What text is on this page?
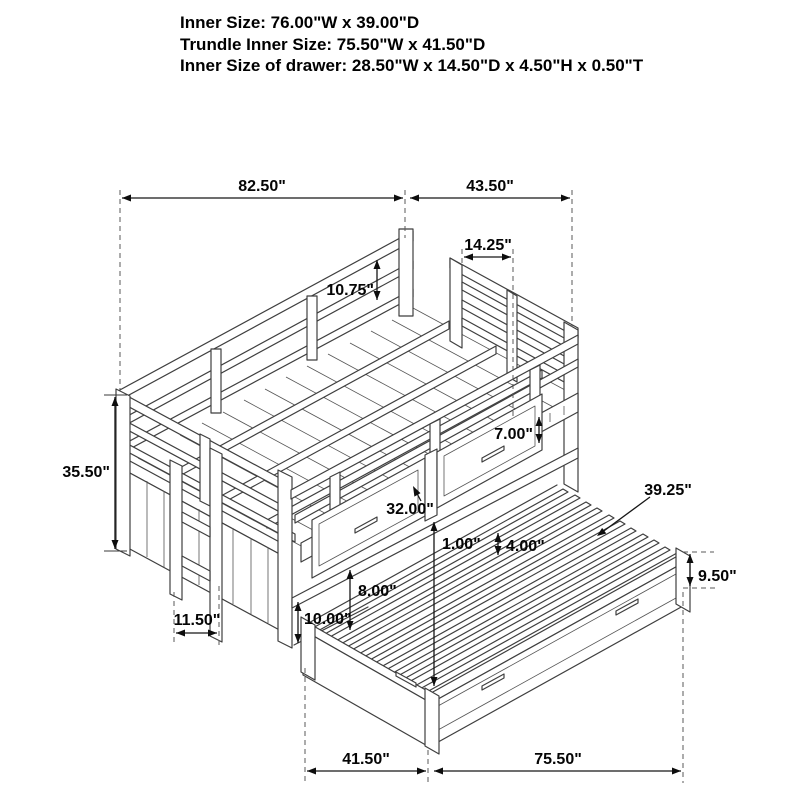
82.50"	43.50"
14.25"
10.75"
35.50"
7.00"
32.00"
1.00" 4.00"
39.25"
9.50"
8.00"
10.00"
11.50"
41.50"	75.50"
Inner Size: 76.00"W x 39.00"D
Trundle Inner Size: 75.50"W x 41.50"D
Inner Size of drawer: 28.50"W x 14.50"D x 4.50"H x 0.50"T
